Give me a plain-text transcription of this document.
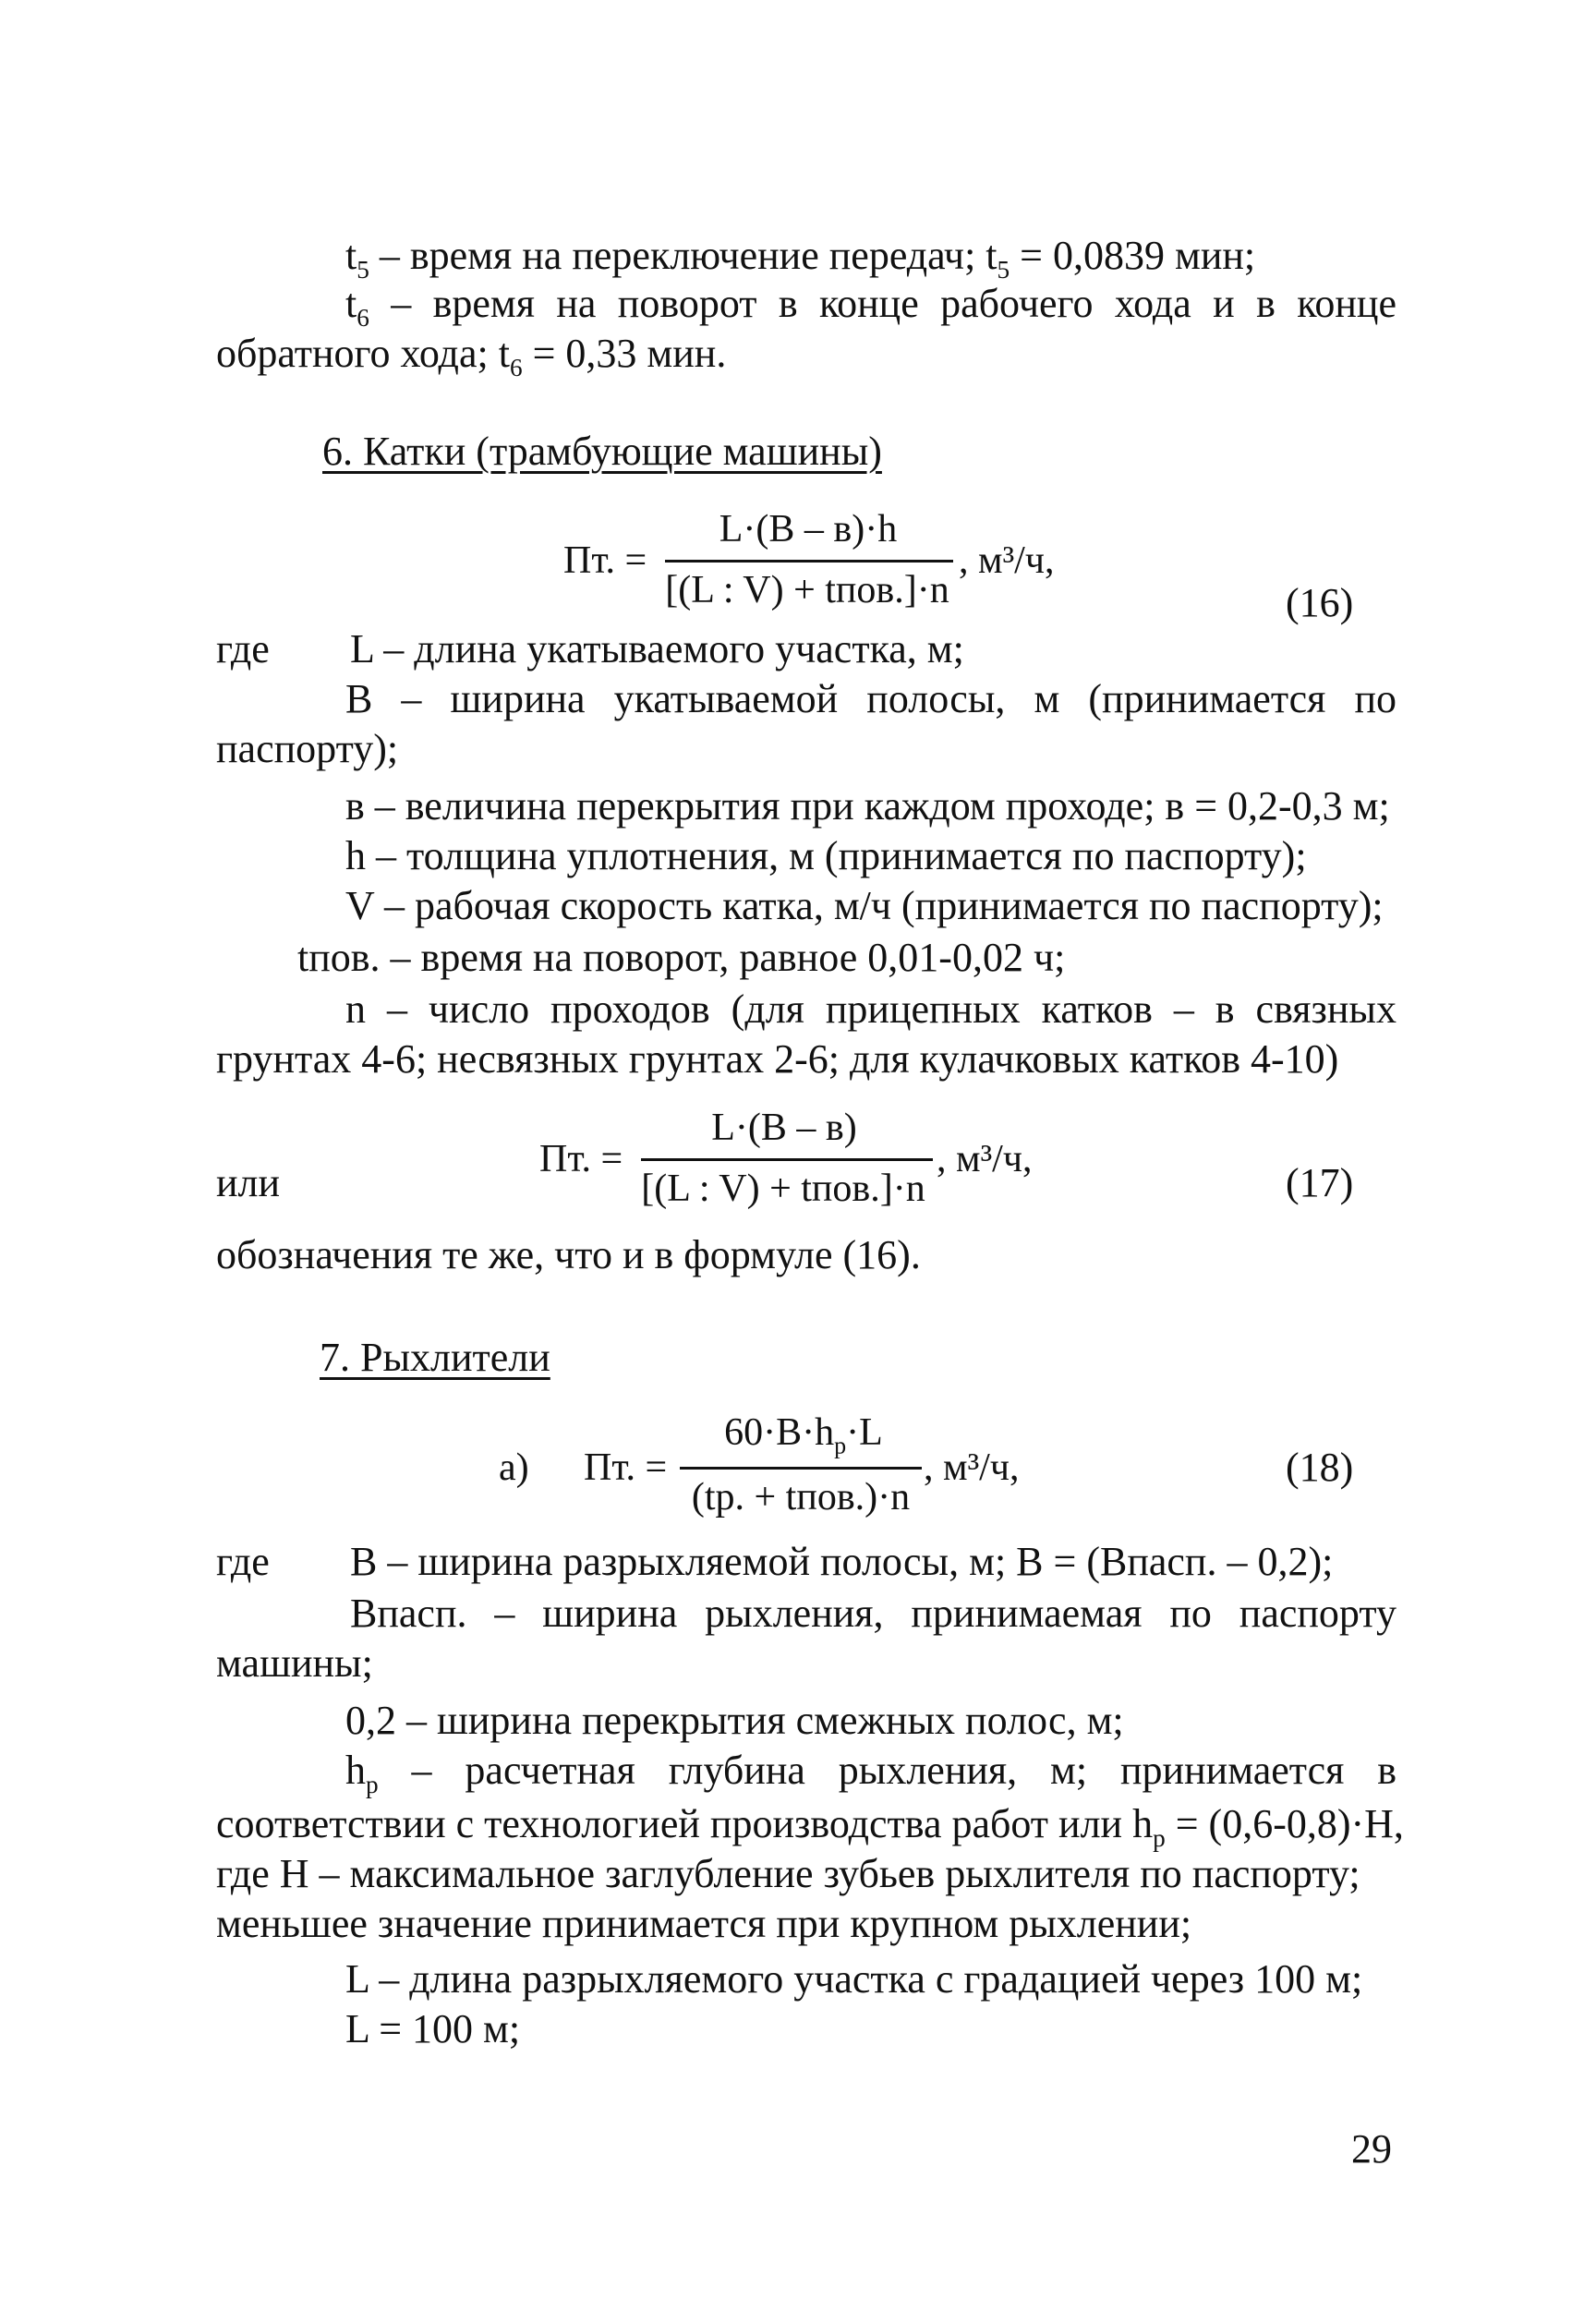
$t_5$ – время на переключение передач; $t_5 = 0,0839$ мин;
$t_6$ – время на поворот в конце рабочего хода и в конце
обратного хода; $t_6 = 0,33$ мин.
6. Катки (трамбующие машины)
Пт. =
L·(B – в)·h
[(L : V) + tпов.]·n
, м³/ч,
(16)
где L – длина укатываемого участка, м;
B – ширина укатываемой полосы, м (принимается по
паспорту);
в – величина перекрытия при каждом проходе; в = 0,2-0,3 м;
h – толщина уплотнения, м (принимается по паспорту);
V – рабочая скорость катка, м/ч (принимается по паспорту);
tпов. – время на поворот, равное 0,01-0,02 ч;
n – число проходов (для прицепных катков – в связных
грунтах 4-6; несвязных грунтах 2-6; для кулачковых катков 4-10)
или
Пт. =
L·(B – в)
[(L : V) + tпов.]·n
, м³/ч,
(17)
обозначения те же, что и в формуле (16).
7. Рыхлители
а) Пт. =
$60\cdot B\cdot h_р\cdot L$
(tр. + tпов.)·n
, м³/ч,	(18)
где B – ширина разрыхляемой полосы, м; B = (Впасп. – 0,2);
Впасп. – ширина рыхления, принимаемая по паспорту
машины;
0,2 – ширина перекрытия смежных полос, м;
$h_р$ – расчетная глубина рыхления, м; принимается в
соответствии с технологией производства работ или $h_р = (0,6-0,8)\cdot H$,
где H – максимальное заглубление зубьев рыхлителя по паспорту;
меньшее значение принимается при крупном рыхлении;
L – длина разрыхляемого участка с градацией через 100 м;
L = 100 м;
29
